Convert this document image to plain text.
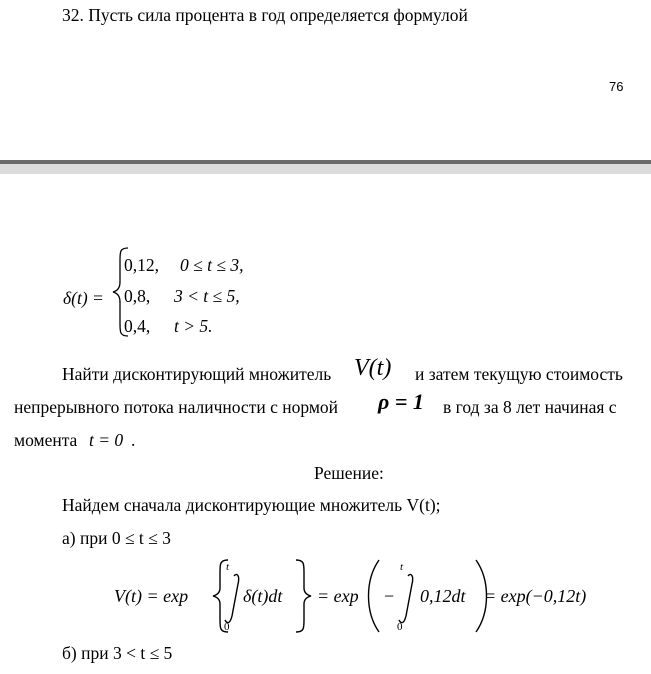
32. Пусть сила процента в год определяется формулой
76
δ(t) =
0,12, 0 ≤ t ≤ 3,
0,8, 3 < t ≤ 5,
0,4, t > 5.
Найти дисконтирующий множитель V(t) и затем текущую стоимость
непрерывного потока наличности с нормой ρ = 1 в год за 8 лет начиная с
момента t = 0 .
Решение:
Найдем сначала дисконтирующие множитель V(t);
а) при 0 ≤ t ≤ 3
V(t) = exp
t
0
δ(t)dt = exp −
t
0
0,12dt = exp(−0,12t)
б) при 3 < t ≤ 5
